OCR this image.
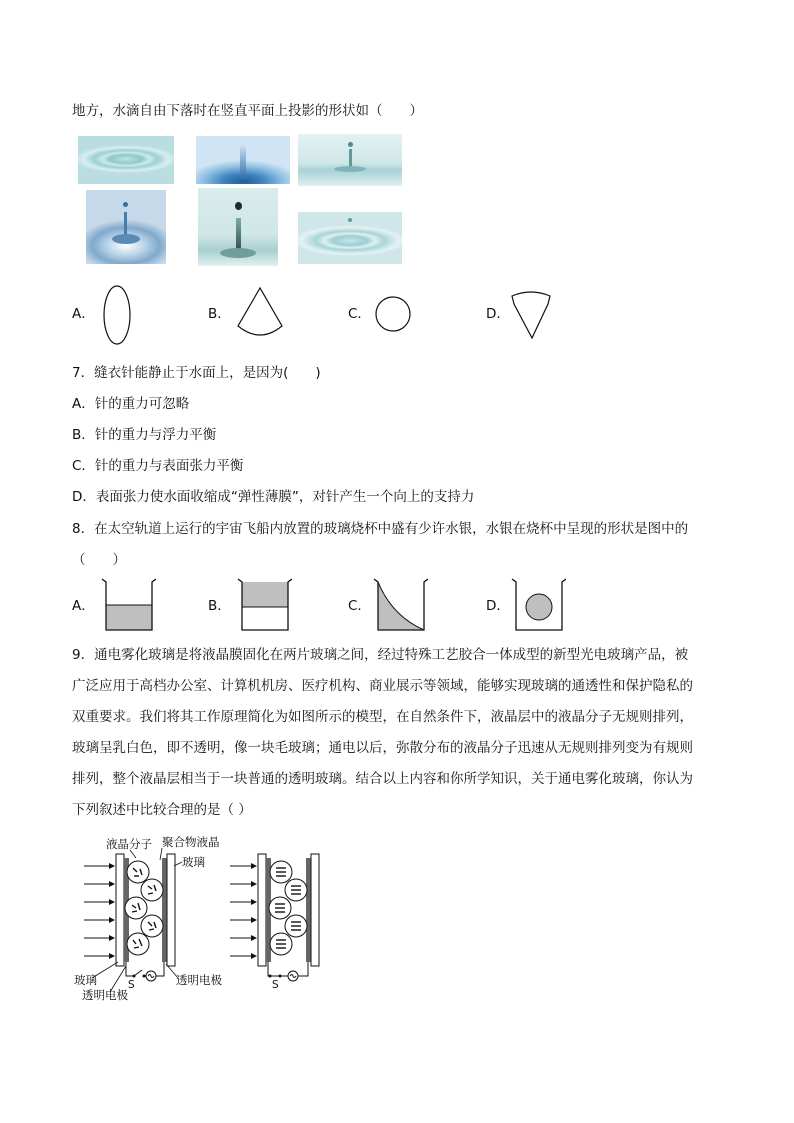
地方，水滴自由下落时在竖直平面上投影的形状如（　　）
A．	B．	C．	D．
7．缝衣针能静止于水面上，是因为(　　)
A．针的重力可忽略
B．针的重力与浮力平衡
C．针的重力与表面张力平衡
D．表面张力使水面收缩成“弹性薄膜”，对针产生一个向上的支持力
8．在太空轨道上运行的宇宙飞船内放置的玻璃烧杯中盛有少许水银，水银在烧杯中呈现的形状是图中的
（　　）
A．	B．	C．	D．
9．通电雾化玻璃是将液晶膜固化在两片玻璃之间，经过特殊工艺胶合一体成型的新型光电玻璃产品，被
广泛应用于高档办公室、计算机机房、医疗机构、商业展示等领域，能够实现玻璃的通透性和保护隐私的
双重要求。我们将其工作原理简化为如图所示的模型，在自然条件下，液晶层中的液晶分子无规则排列，
玻璃呈乳白色，即不透明，像一块毛玻璃；通电以后，弥散分布的液晶分子迅速从无规则排列变为有规则
排列，整个液晶层相当于一块普通的透明玻璃。结合以上内容和你所学知识，关于通电雾化玻璃，你认为
下列叙述中比较合理的是（ ）
液晶分子 聚合物液晶
玻璃
玻璃
透明电极
透明电极
S	S
